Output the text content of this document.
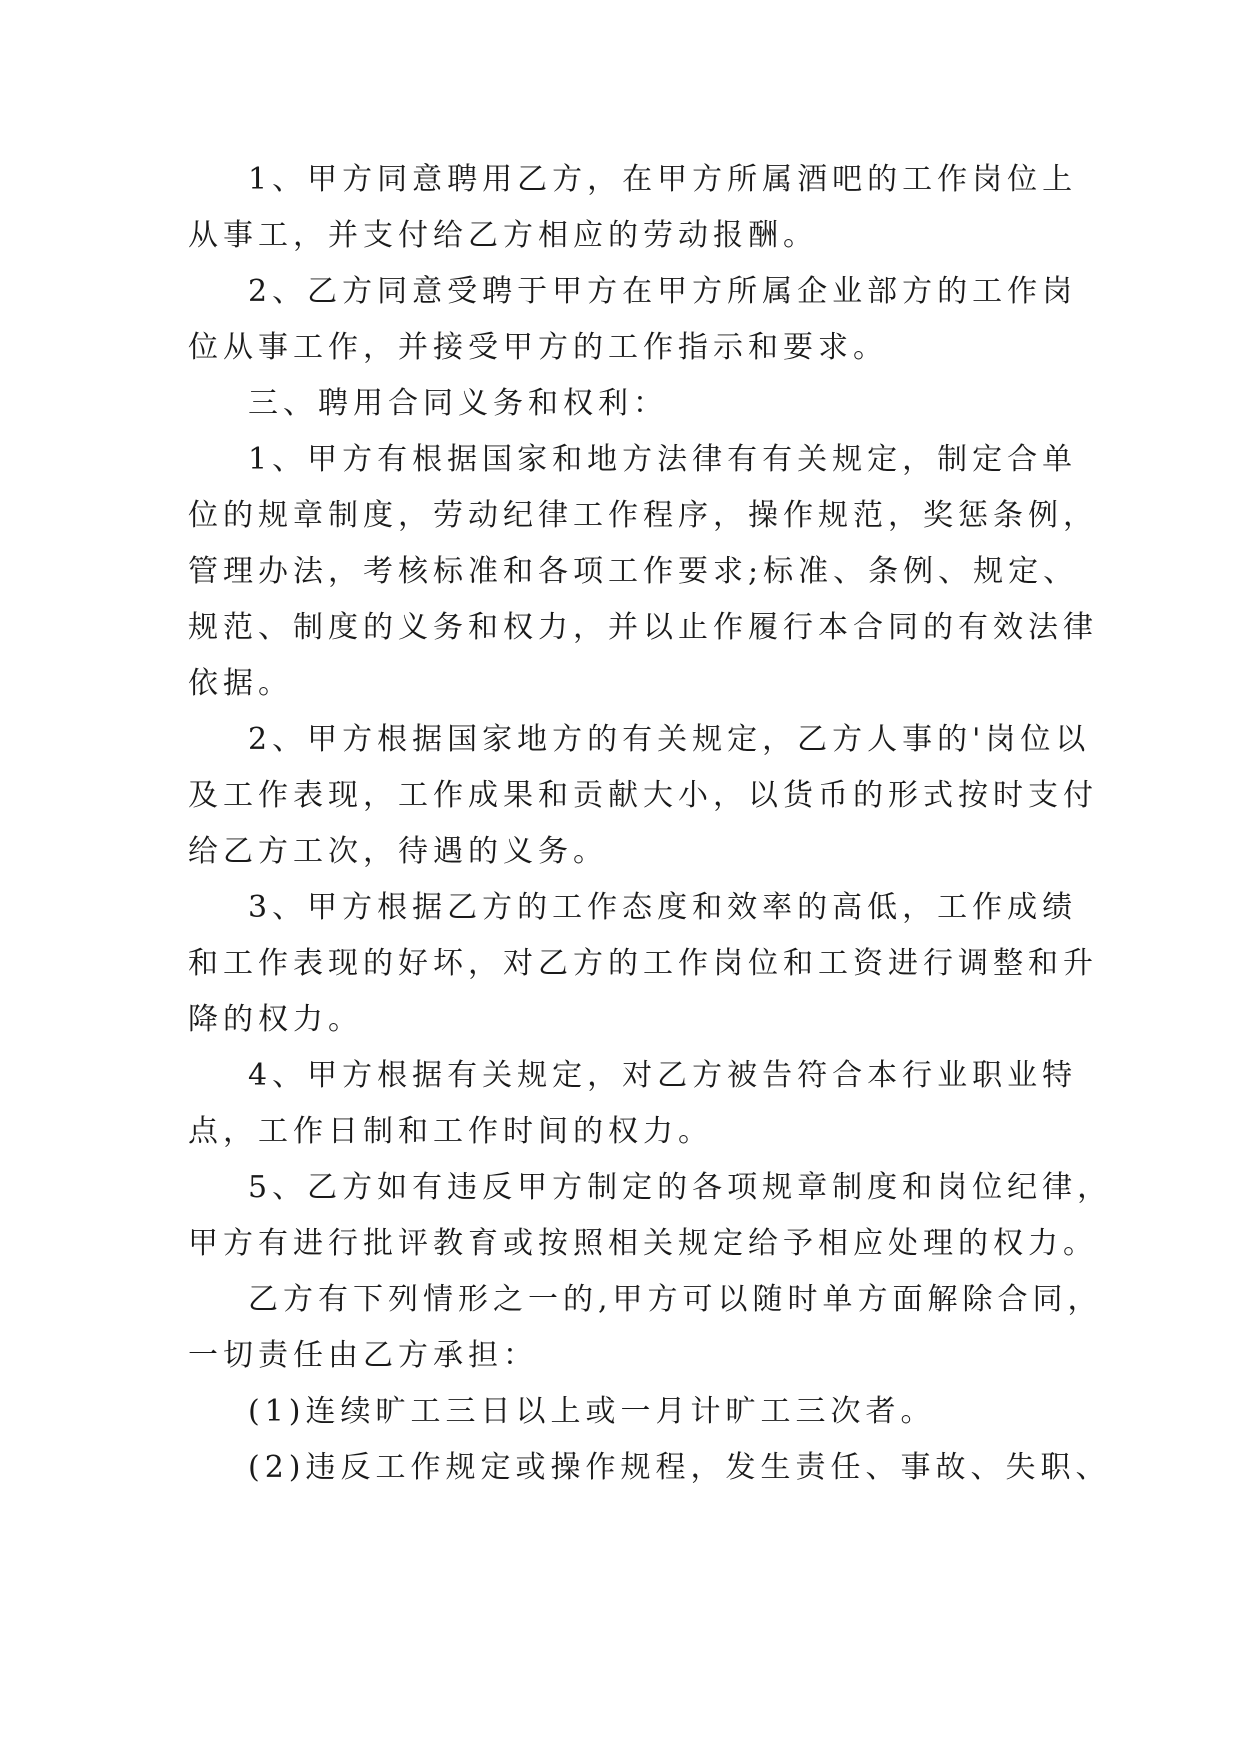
1、甲方同意聘用乙方，在甲方所属酒吧的工作岗位上
从事工，并支付给乙方相应的劳动报酬。
2、乙方同意受聘于甲方在甲方所属企业部方的工作岗
位从事工作，并接受甲方的工作指示和要求。
三、聘用合同义务和权利：
1、甲方有根据国家和地方法律有有关规定，制定合单
位的规章制度，劳动纪律工作程序，操作规范，奖惩条例，
管理办法，考核标准和各项工作要求;标准、条例、规定、
规范、制度的义务和权力，并以止作履行本合同的有效法律
依据。
2、甲方根据国家地方的有关规定，乙方人事的'岗位以
及工作表现，工作成果和贡献大小，以货币的形式按时支付
给乙方工次，待遇的义务。
3、甲方根据乙方的工作态度和效率的高低，工作成绩
和工作表现的好坏，对乙方的工作岗位和工资进行调整和升
降的权力。
4、甲方根据有关规定，对乙方被告符合本行业职业特
点，工作日制和工作时间的权力。
5、乙方如有违反甲方制定的各项规章制度和岗位纪律，
甲方有进行批评教育或按照相关规定给予相应处理的权力。
乙方有下列情形之一的,甲方可以随时单方面解除合同，
一切责任由乙方承担：
(1)连续旷工三日以上或一月计旷工三次者。
(2)违反工作规定或操作规程，发生责任、事故、失职、
